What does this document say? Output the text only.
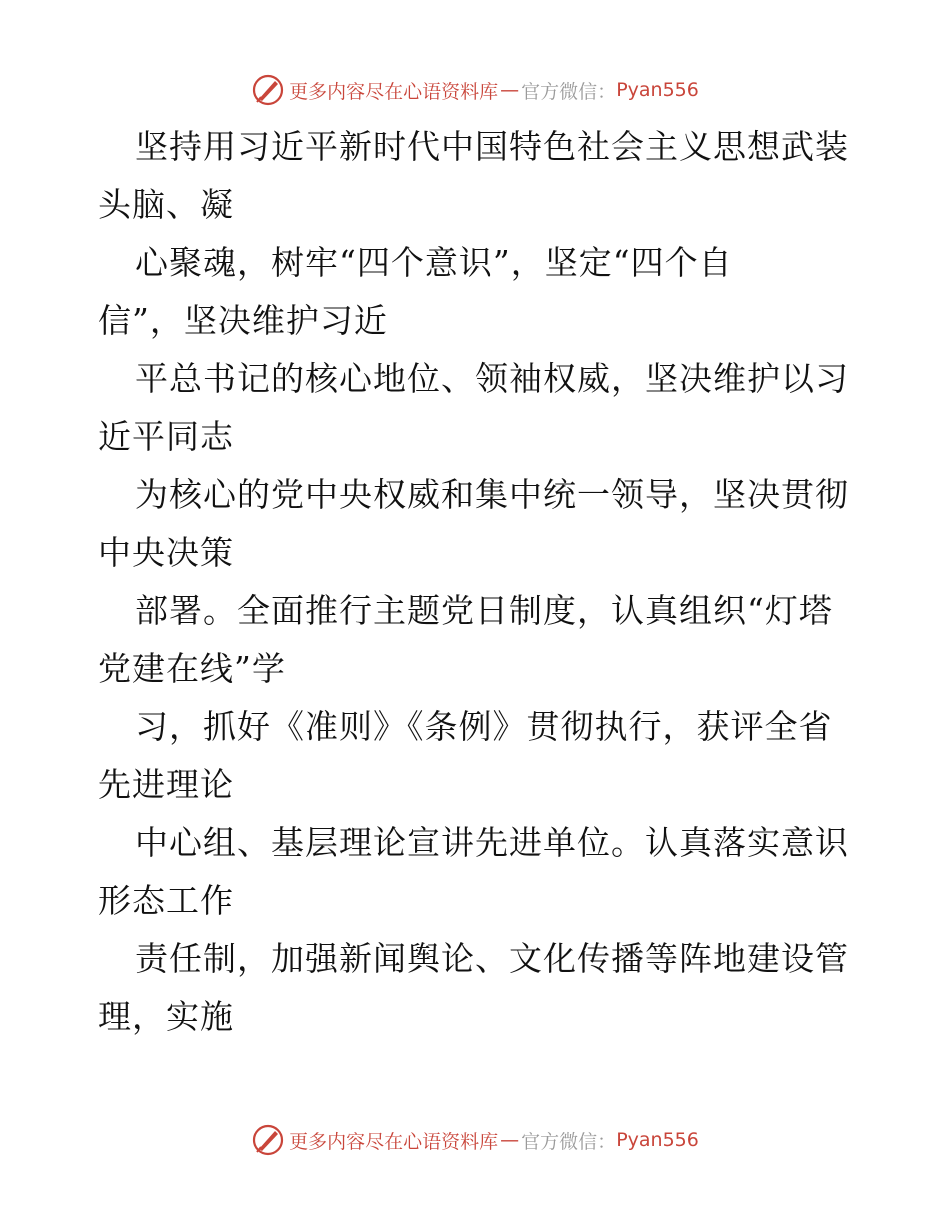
更多内容尽在心语资料库 — 官方微信： Pyan556
坚持用习近平新时代中国特色社会主义思想武装
头脑、凝
心聚魂，树牢“四个意识”，坚定“四个自
信”，坚决维护习近
平总书记的核心地位、领袖权威，坚决维护以习
近平同志
为核心的党中央权威和集中统一领导，坚决贯彻
中央决策
部署。全面推行主题党日制度，认真组织“灯塔
党建在线”学
习，抓好《准则》《条例》贯彻执行，获评全省
先进理论
中心组、基层理论宣讲先进单位。认真落实意识
形态工作
责任制，加强新闻舆论、文化传播等阵地建设管
理，实施
更多内容尽在心语资料库 — 官方微信： Pyan556
